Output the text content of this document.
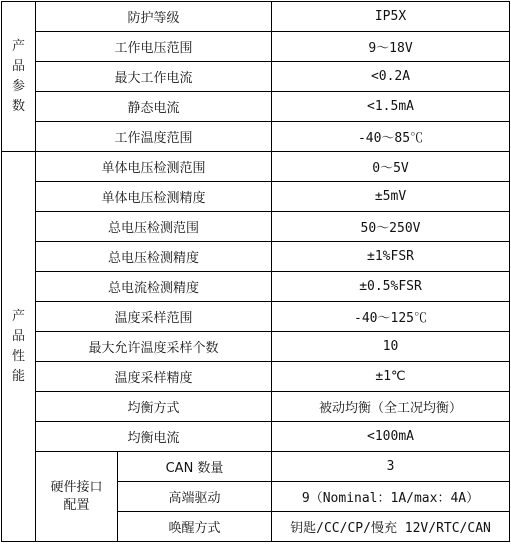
产品参数	防护等级		IP5X
	工作电压范围		9～18V
	最大工作电流		<0.2A
	静态电流		<1.5mA
	工作温度范围		-40～85℃
产品性能	单体电压检测范围		0～5V
	单体电压检测精度		±5mV
	总电压检测范围		50～250V
	总电压检测精度		±1%FSR
	总电流检测精度		±0.5%FSR
	温度采样范围		-40～125℃
	最大允许温度采样个数		10
	温度采样精度		±1℃
	均衡方式		被动均衡（全工况均衡）
	均衡电流		<100mA
	硬件接口配置	CAN 数量	3
		高端驱动	9（Nominal：1A/max：4A）
		唤醒方式	钥匙/CC/CP/慢充 12V/RTC/CAN
